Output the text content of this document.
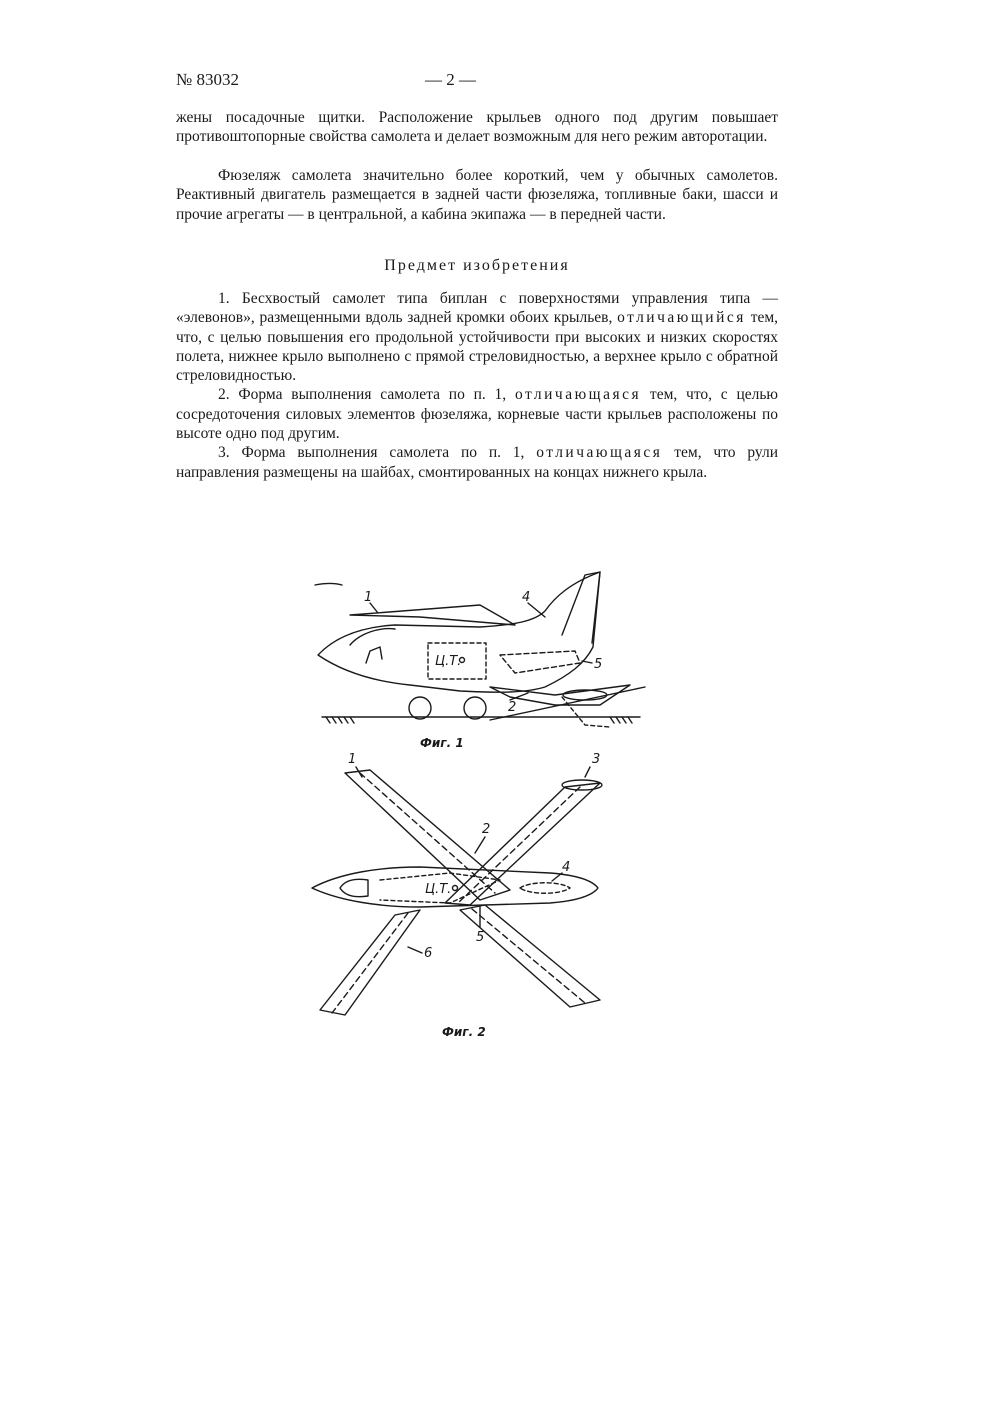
№ 83032	— 2 —
жены посадочные щитки. Расположение крыльев одного под другим повышает противоштопорные свойства самолета и делает возможным для него режим авторотации.
Фюзеляж самолета значительно более короткий, чем у обычных самолетов. Реактивный двигатель размещается в задней части фюзеляжа, топливные баки, шасси и прочие агрегаты — в центральной, а кабина экипажа — в передней части.
Предмет изобретения

1. Бесхвостый самолет типа биплан с поверхностями управления типа — «элевонов», размещенными вдоль задней кромки обоих крыльев, отличающийся тем, что, с целью повышения его продольной устойчивости при высоких и низких скоростях полета, нижнее крыло выполнено с прямой стреловидностью, а верхнее крыло с обратной стреловидностью.

2. Форма выполнения самолета по п. 1, отличающаяся тем, что, с целью сосредоточения силовых элементов фюзеляжа, корневые части крыльев расположены по высоте одно под другим.

3. Форма выполнения самолета по п. 1, отличающаяся тем, что рули направления размещены на шайбах, смонтированных на концах нижнего крыла.

1	4
5
2
Ц.Т.
Фиг. 1
1
2
3
4
5
6
Ц.Т.
Фиг. 2
